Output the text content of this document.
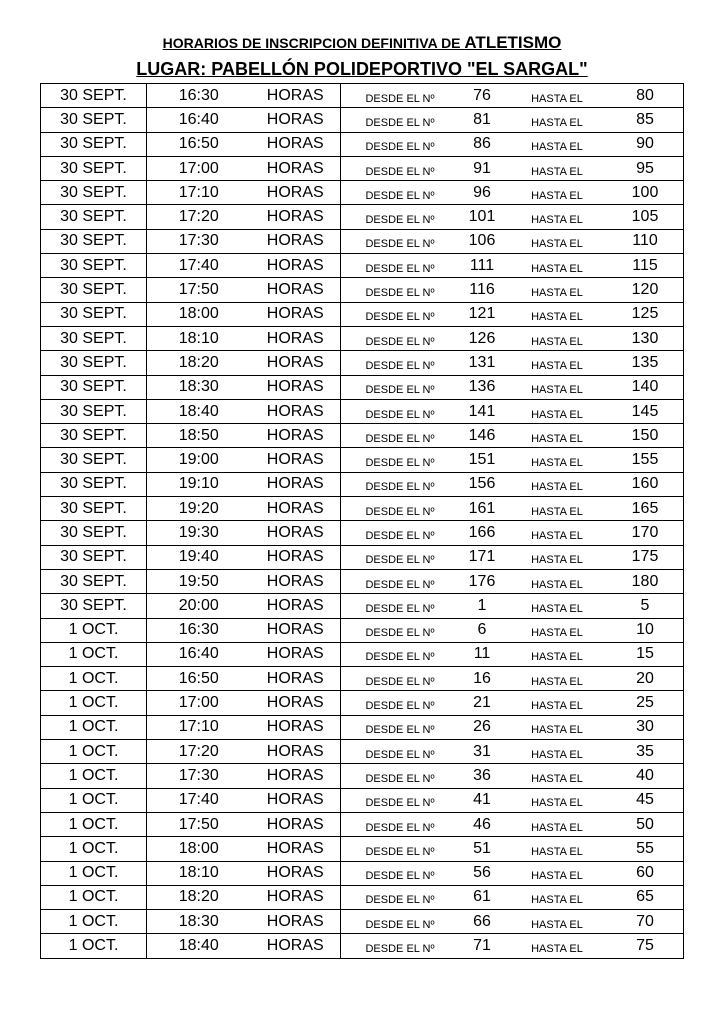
HORARIOS DE INSCRIPCION DEFINITIVA DE ATLETISMO
LUGAR: PABELLÓN POLIDEPORTIVO "EL SARGAL"
30 SEPT.	16:30	HORAS	DESDE EL Nº 76 HASTA EL 80

30 SEPT.	16:40	HORAS	DESDE EL Nº 81 HASTA EL 85

30 SEPT.	16:50	HORAS	DESDE EL Nº 86 HASTA EL 90

30 SEPT.	17:00	HORAS	DESDE EL Nº 91 HASTA EL 95

30 SEPT.	17:10	HORAS	DESDE EL Nº 96 HASTA EL 100

30 SEPT.	17:20	HORAS	DESDE EL Nº 101 HASTA EL 105

30 SEPT.	17:30	HORAS	DESDE EL Nº 106 HASTA EL 110

30 SEPT.	17:40	HORAS	DESDE EL Nº 111 HASTA EL 115

30 SEPT.	17:50	HORAS	DESDE EL Nº 116 HASTA EL 120

30 SEPT.	18:00	HORAS	DESDE EL Nº 121 HASTA EL 125

30 SEPT.	18:10	HORAS	DESDE EL Nº 126 HASTA EL 130

30 SEPT.	18:20	HORAS	DESDE EL Nº 131 HASTA EL 135

30 SEPT.	18:30	HORAS	DESDE EL Nº 136 HASTA EL 140

30 SEPT.	18:40	HORAS	DESDE EL Nº 141 HASTA EL 145

30 SEPT.	18:50	HORAS	DESDE EL Nº 146 HASTA EL 150

30 SEPT.	19:00	HORAS	DESDE EL Nº 151 HASTA EL 155

30 SEPT.	19:10	HORAS	DESDE EL Nº 156 HASTA EL 160

30 SEPT.	19:20	HORAS	DESDE EL Nº 161 HASTA EL 165

30 SEPT.	19:30	HORAS	DESDE EL Nº 166 HASTA EL 170

30 SEPT.	19:40	HORAS	DESDE EL Nº 171 HASTA EL 175

30 SEPT.	19:50	HORAS	DESDE EL Nº 176 HASTA EL 180

30 SEPT.	20:00	HORAS	DESDE EL Nº 1 HASTA EL 5

1 OCT.	16:30	HORAS	DESDE EL Nº 6 HASTA EL 10

1 OCT.	16:40	HORAS	DESDE EL Nº 11 HASTA EL 15

1 OCT.	16:50	HORAS	DESDE EL Nº 16 HASTA EL 20

1 OCT.	17:00	HORAS	DESDE EL Nº 21 HASTA EL 25

1 OCT.	17:10	HORAS	DESDE EL Nº 26 HASTA EL 30

1 OCT.	17:20	HORAS	DESDE EL Nº 31 HASTA EL 35

1 OCT.	17:30	HORAS	DESDE EL Nº 36 HASTA EL 40

1 OCT.	17:40	HORAS	DESDE EL Nº 41 HASTA EL 45

1 OCT.	17:50	HORAS	DESDE EL Nº 46 HASTA EL 50

1 OCT.	18:00	HORAS	DESDE EL Nº 51 HASTA EL 55

1 OCT.	18:10	HORAS	DESDE EL Nº 56 HASTA EL 60

1 OCT.	18:20	HORAS	DESDE EL Nº 61 HASTA EL 65

1 OCT.	18:30	HORAS	DESDE EL Nº 66 HASTA EL 70

1 OCT.	18:40	HORAS	DESDE EL Nº 71 HASTA EL 75
